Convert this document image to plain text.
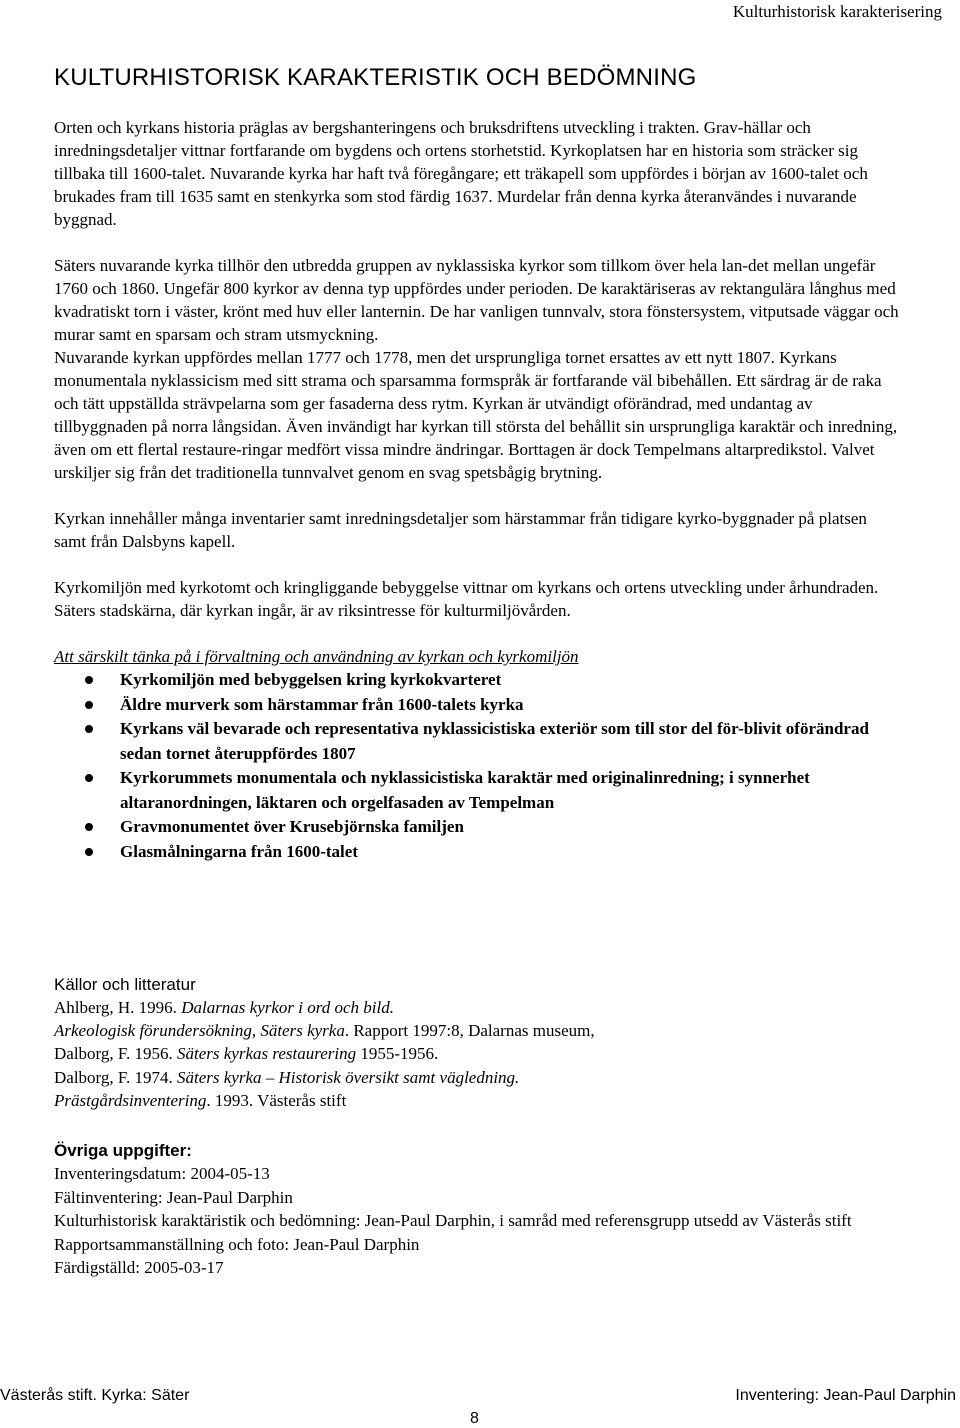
Kulturhistorisk karakterisering
KULTURHISTORISK KARAKTERISTIK OCH BEDÖMNING

Orten och kyrkans historia präglas av bergshanteringens och bruksdriftens utveckling i trakten. Grav-hällar och inredningsdetaljer vittnar fortfarande om bygdens och ortens storhetstid. Kyrkoplatsen har en historia som sträcker sig tillbaka till 1600-talet. Nuvarande kyrka har haft två föregångare; ett träkapell som uppfördes i början av 1600-talet och brukades fram till 1635 samt en stenkyrka som stod färdig 1637. Murdelar från denna kyrka återanvändes i nuvarande byggnad.

Säters nuvarande kyrka tillhör den utbredda gruppen av nyklassiska kyrkor som tillkom över hela lan-det mellan ungefär 1760 och 1860. Ungefär 800 kyrkor av denna typ uppfördes under perioden. De karaktäriseras av rektangulära långhus med kvadratiskt torn i väster, krönt med huv eller lanternin. De har vanligen tunnvalv, stora fönstersystem, vitputsade väggar och murar samt en sparsam och stram utsmyckning.

Nuvarande kyrkan uppfördes mellan 1777 och 1778, men det ursprungliga tornet ersattes av ett nytt 1807. Kyrkans monumentala nyklassicism med sitt strama och sparsamma formspråk är fortfarande väl bibehållen. Ett särdrag är de raka och tätt uppställda strävpelarna som ger fasaderna dess rytm. Kyrkan är utvändigt oförändrad, med undantag av tillbyggnaden på norra långsidan. Även invändigt har kyrkan till största del behållit sin ursprungliga karaktär och inredning, även om ett flertal restaure-ringar medfört vissa mindre ändringar. Borttagen är dock Tempelmans altarpredikstol. Valvet urskiljer sig från det traditionella tunnvalvet genom en svag spetsbågig brytning.

Kyrkan innehåller många inventarier samt inredningsdetaljer som härstammar från tidigare kyrko-byggnader på platsen samt från Dalsbyns kapell.

Kyrkomiljön med kyrkotomt och kringliggande bebyggelse vittnar om kyrkans och ortens utveckling under århundraden. Säters stadskärna, där kyrkan ingår, är av riksintresse för kulturmiljövården.

Att särskilt tänka på i förvaltning och användning av kyrkan och kyrkomiljön

Kyrkomiljön med bebyggelsen kring kyrkokvarteret
Äldre murverk som härstammar från 1600-talets kyrka
Kyrkans väl bevarade och representativa nyklassicistiska exteriör som till stor del för-blivit oförändrad sedan tornet återuppfördes 1807
Kyrkorummets monumentala och nyklassicistiska karaktär med originalinredning; i synnerhet altaranordningen, läktaren och orgelfasaden av Tempelman
Gravmonumentet över Krusebjörnska familjen
Glasmålningarna från 1600-talet
Källor och litteratur

Ahlberg, H. 1996. Dalarnas kyrkor i ord och bild.

Arkeologisk förundersökning, Säters kyrka. Rapport 1997:8, Dalarnas museum,

Dalborg, F. 1956. Säters kyrkas restaurering 1955-1956.

Dalborg, F. 1974. Säters kyrka – Historisk översikt samt vägledning.

Prästgårdsinventering. 1993. Västerås stift

Övriga uppgifter:

Inventeringsdatum: 2004-05-13

Fältinventering: Jean-Paul Darphin

Kulturhistorisk karaktäristik och bedömning: Jean-Paul Darphin, i samråd med referensgrupp utsedd av Västerås stift

Rapportsammanställning och foto: Jean-Paul Darphin

Färdigställd: 2005-03-17

Västerås stift. Kyrka: Säter	Inventering: Jean-Paul Darphin
8
